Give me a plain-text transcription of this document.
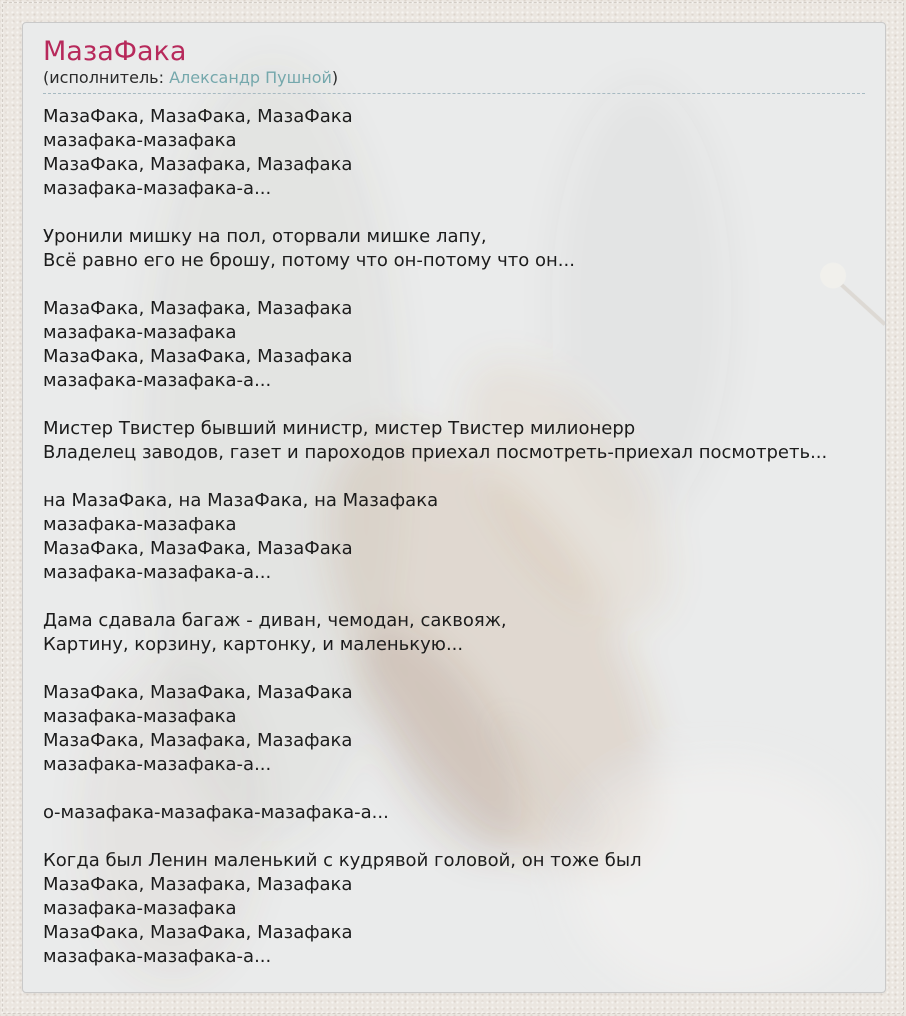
МазаФака
(исполнитель: Александр Пушной)
МазаФака, МазаФака, МазаФака
мазафака-мазафака
МазаФака, Мазафака, Мазафака
мазафака-мазафака-а...
Уронили мишку на пол, оторвали мишке лапу,
Всё равно его не брошу, потому что он-потому что он...
МазаФака, Мазафака, Мазафака
мазафака-мазафака
МазаФака, МазаФака, Мазафака
мазафака-мазафака-а...
Мистер Твистер бывший министр, мистер Твистер милионерр
Владелец заводов, газет и пароходов приехал посмотреть-приехал посмотреть...
на МазаФака, на МазаФака, на Мазафака
мазафака-мазафака
МазаФака, МазаФака, МазаФака
мазафака-мазафака-а...
Дама сдавала багаж - диван, чемодан, саквояж,
Картину, корзину, картонку, и маленькую...
МазаФака, МазаФака, МазаФака
мазафака-мазафака
МазаФака, Мазафака, Мазафака
мазафака-мазафака-а...
о-мазафака-мазафака-мазафака-а...
Когда был Ленин маленький с кудрявой головой, он тоже был
МазаФака, Мазафака, Мазафака
мазафака-мазафака
МазаФака, МазаФака, Мазафака
мазафака-мазафака-а...
